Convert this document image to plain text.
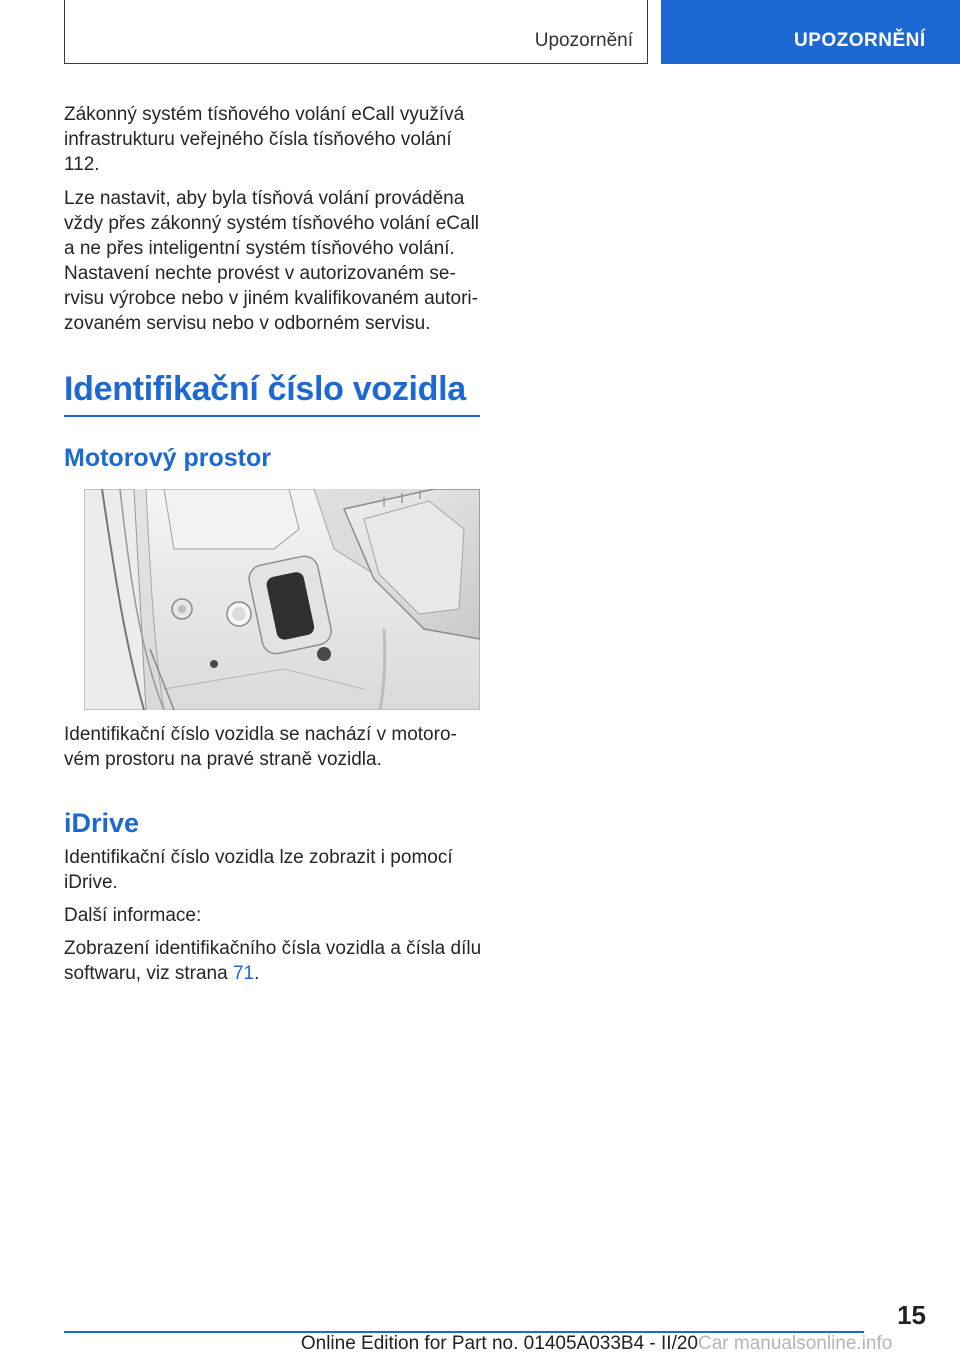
Upozornění	UPOZORNĚNÍ

Zákonný systém tísňového volání eCall využívá
infrastrukturu veřejného čísla tísňového volání
112.

Lze nastavit, aby byla tísňová volání prováděna
vždy přes zákonný systém tísňového volání eCall
a ne přes inteligentní systém tísňového volání.
Nastavení nechte provést v autorizovaném se‐
rvisu výrobce nebo v jiném kvalifikovaném autori‐
zovaném servisu nebo v odborném servisu.

Identifikační číslo vozidla
Motorový prostor

Identifikační číslo vozidla se nachází v motoro‐
vém prostoru na pravé straně vozidla.

iDrive

Identifikační číslo vozidla lze zobrazit i pomocí
iDrive.

Další informace:

Zobrazení identifikačního čísla vozidla a čísla dílu
softwaru, viz strana 71.

15
Online Edition for Part no. 01405A033B4 - II/20 Car manualsonline.info
